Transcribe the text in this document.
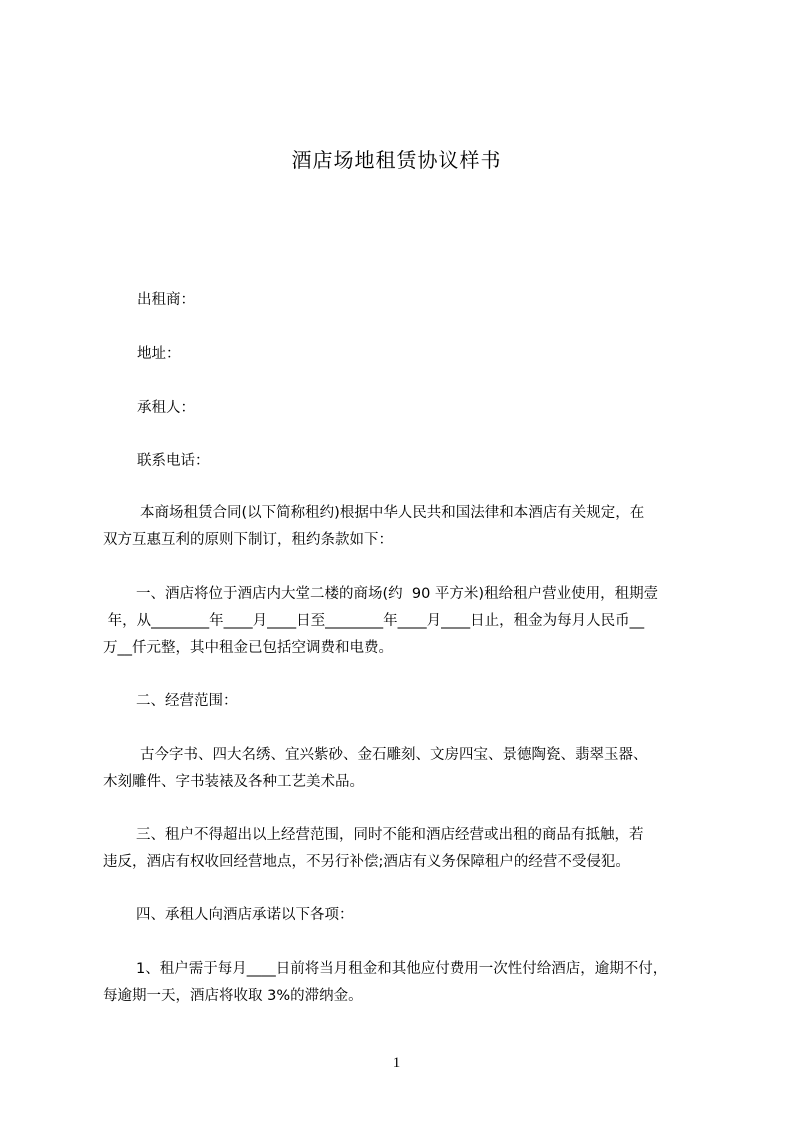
酒店场地租赁协议样书
出租商：
地址：
承租人：
联系电话：
本商场租赁合同(以下简称租约)根据中华人民共和国法律和本酒店有关规定，在
双方互惠互利的原则下制订，租约条款如下：
一、酒店将位于酒店内大堂二楼的商场(约  90 平方米)租给租户营业使用，租期壹
年，从________年____月____日至________年____月____日止，租金为每月人民币__
万__仟元整，其中租金已包括空调费和电费。
二、经营范围：
古今字书、四大名绣、宜兴紫砂、金石雕刻、文房四宝、景德陶瓷、翡翠玉器、
木刻雕件、字书装裱及各种工艺美术品。
三、租户不得超出以上经营范围，同时不能和酒店经营或出租的商品有抵触，若
违反，酒店有权收回经营地点，不另行补偿;酒店有义务保障租户的经营不受侵犯。
四、承租人向酒店承诺以下各项：
1、租户需于每月____日前将当月租金和其他应付费用一次性付给酒店，逾期不付，
每逾期一天，酒店将收取 3%的滞纳金。
1
